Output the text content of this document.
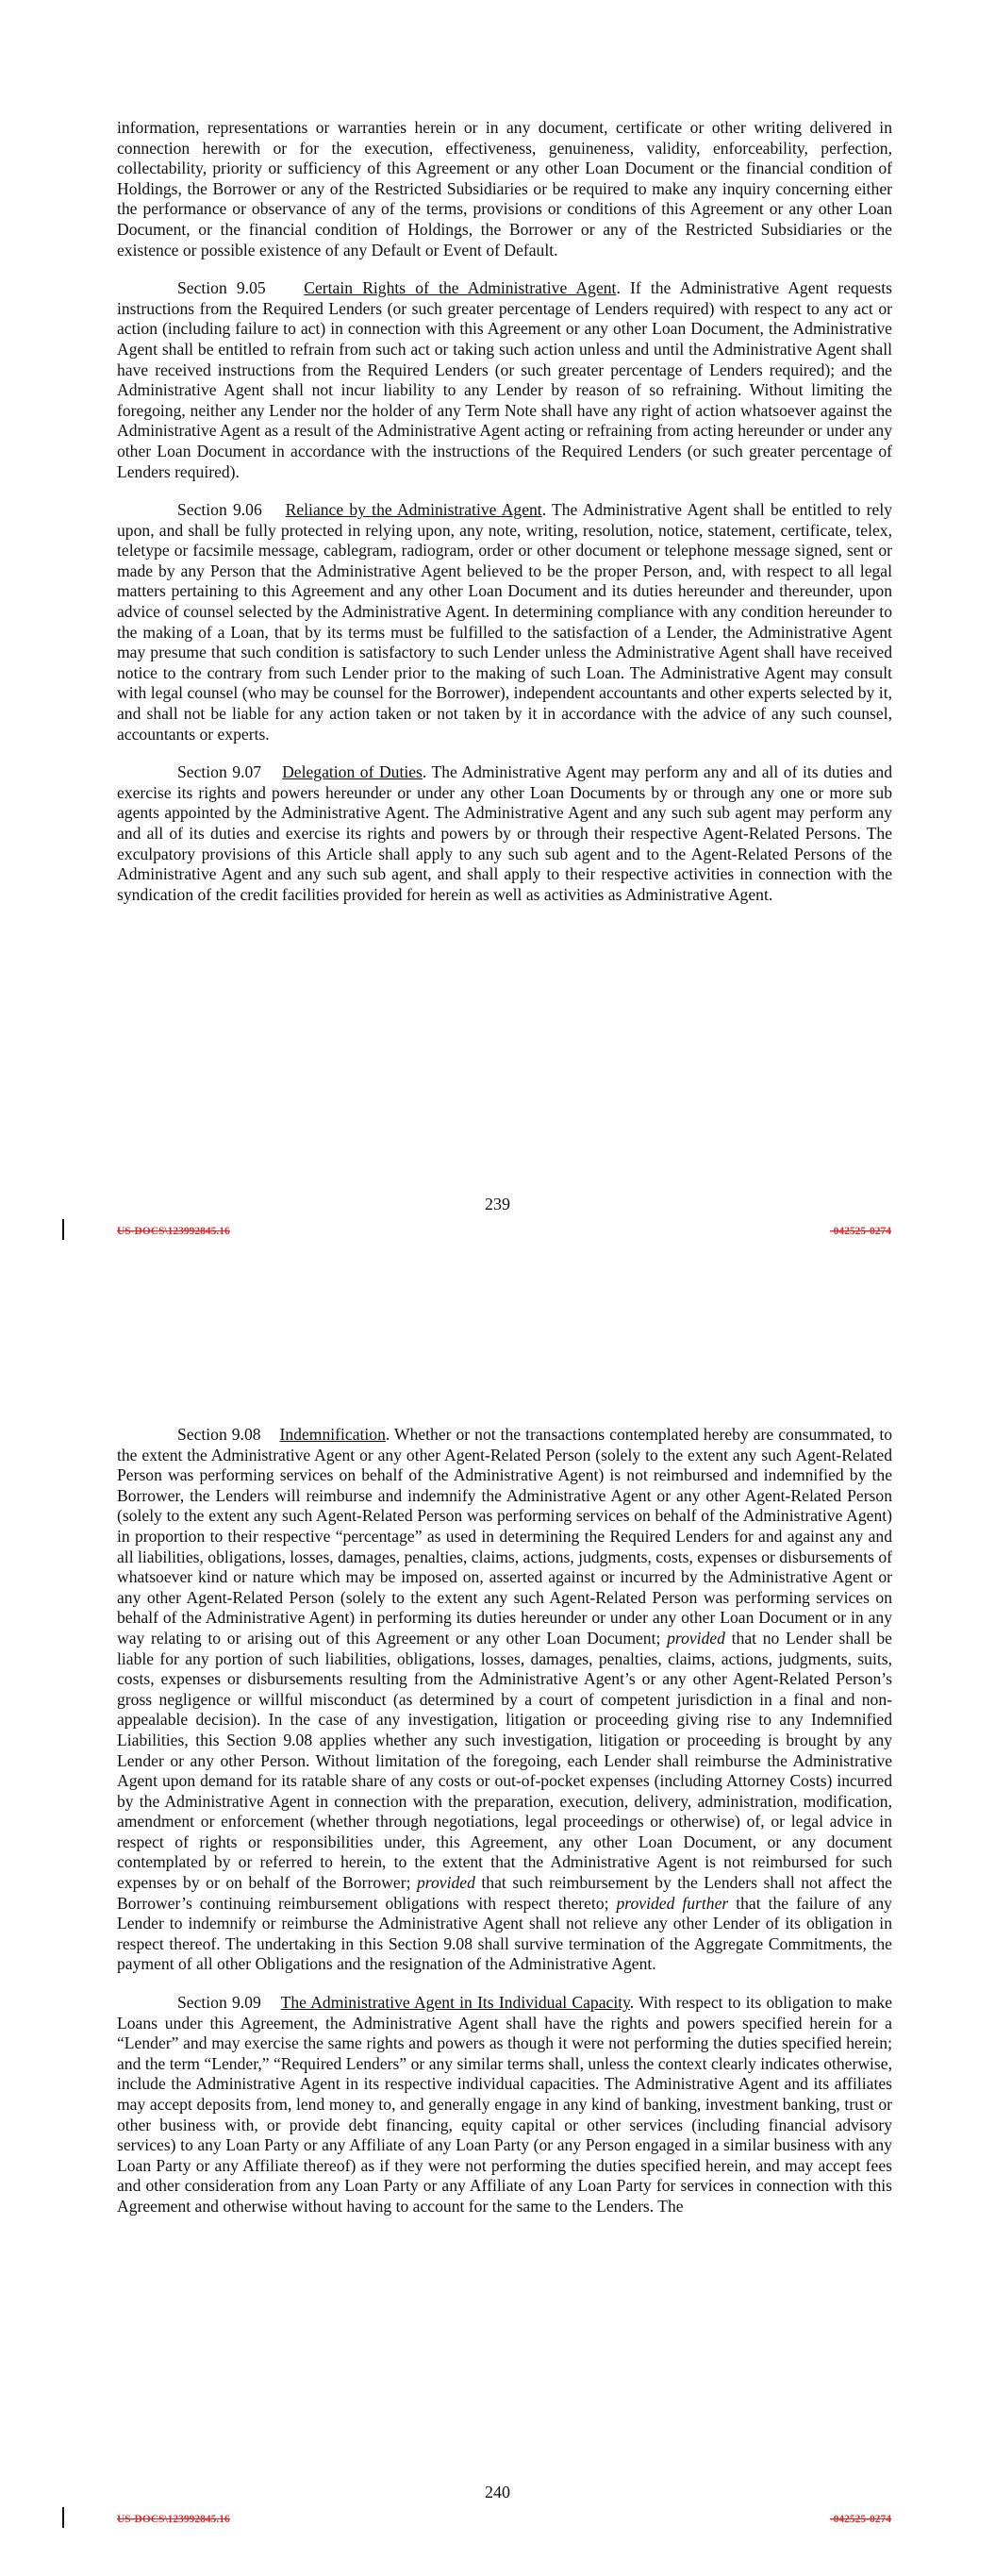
information, representations or warranties herein or in any document, certificate or other writing delivered in connection herewith or for the execution, effectiveness, genuineness, validity, enforceability, perfection, collectability, priority or sufficiency of this Agreement or any other Loan Document or the financial condition of Holdings, the Borrower or any of the Restricted Subsidiaries or be required to make any inquiry concerning either the performance or observance of any of the terms, provisions or conditions of this Agreement or any other Loan Document, or the financial condition of Holdings, the Borrower or any of the Restricted Subsidiaries or the existence or possible existence of any Default or Event of Default.

Section 9.05 Certain Rights of the Administrative Agent. If the Administrative Agent requests instructions from the Required Lenders (or such greater percentage of Lenders required) with respect to any act or action (including failure to act) in connection with this Agreement or any other Loan Document, the Administrative Agent shall be entitled to refrain from such act or taking such action unless and until the Administrative Agent shall have received instructions from the Required Lenders (or such greater percentage of Lenders required); and the Administrative Agent shall not incur liability to any Lender by reason of so refraining. Without limiting the foregoing, neither any Lender nor the holder of any Term Note shall have any right of action whatsoever against the Administrative Agent as a result of the Administrative Agent acting or refraining from acting hereunder or under any other Loan Document in accordance with the instructions of the Required Lenders (or such greater percentage of Lenders required).

Section 9.06 Reliance by the Administrative Agent. The Administrative Agent shall be entitled to rely upon, and shall be fully protected in relying upon, any note, writing, resolution, notice, statement, certificate, telex, teletype or facsimile message, cablegram, radiogram, order or other document or telephone message signed, sent or made by any Person that the Administrative Agent believed to be the proper Person, and, with respect to all legal matters pertaining to this Agreement and any other Loan Document and its duties hereunder and thereunder, upon advice of counsel selected by the Administrative Agent. In determining compliance with any condition hereunder to the making of a Loan, that by its terms must be fulfilled to the satisfaction of a Lender, the Administrative Agent may presume that such condition is satisfactory to such Lender unless the Administrative Agent shall have received notice to the contrary from such Lender prior to the making of such Loan. The Administrative Agent may consult with legal counsel (who may be counsel for the Borrower), independent accountants and other experts selected by it, and shall not be liable for any action taken or not taken by it in accordance with the advice of any such counsel, accountants or experts.

Section 9.07 Delegation of Duties. The Administrative Agent may perform any and all of its duties and exercise its rights and powers hereunder or under any other Loan Documents by or through any one or more sub agents appointed by the Administrative Agent. The Administrative Agent and any such sub agent may perform any and all of its duties and exercise its rights and powers by or through their respective Agent-Related Persons. The exculpatory provisions of this Article shall apply to any such sub agent and to the Agent-Related Persons of the Administrative Agent and any such sub agent, and shall apply to their respective activities in connection with the syndication of the credit facilities provided for herein as well as activities as Administrative Agent.

239
US-DOCS\123992845.16	-042525-0274

Section 9.08 Indemnification. Whether or not the transactions contemplated hereby are consummated, to the extent the Administrative Agent or any other Agent-Related Person (solely to the extent any such Agent-Related Person was performing services on behalf of the Administrative Agent) is not reimbursed and indemnified by the Borrower, the Lenders will reimburse and indemnify the Administrative Agent or any other Agent-Related Person (solely to the extent any such Agent-Related Person was performing services on behalf of the Administrative Agent) in proportion to their respective “percentage” as used in determining the Required Lenders for and against any and all liabilities, obligations, losses, damages, penalties, claims, actions, judgments, costs, expenses or disbursements of whatsoever kind or nature which may be imposed on, asserted against or incurred by the Administrative Agent or any other Agent-Related Person (solely to the extent any such Agent-Related Person was performing services on behalf of the Administrative Agent) in performing its duties hereunder or under any other Loan Document or in any way relating to or arising out of this Agreement or any other Loan Document; provided that no Lender shall be liable for any portion of such liabilities, obligations, losses, damages, penalties, claims, actions, judgments, suits, costs, expenses or disbursements resulting from the Administrative Agent’s or any other Agent-Related Person’s gross negligence or willful misconduct (as determined by a court of competent jurisdiction in a final and non-appealable decision). In the case of any investigation, litigation or proceeding giving rise to any Indemnified Liabilities, this Section 9.08 applies whether any such investigation, litigation or proceeding is brought by any Lender or any other Person. Without limitation of the foregoing, each Lender shall reimburse the Administrative Agent upon demand for its ratable share of any costs or out-of-pocket expenses (including Attorney Costs) incurred by the Administrative Agent in connection with the preparation, execution, delivery, administration, modification, amendment or enforcement (whether through negotiations, legal proceedings or otherwise) of, or legal advice in respect of rights or responsibilities under, this Agreement, any other Loan Document, or any document contemplated by or referred to herein, to the extent that the Administrative Agent is not reimbursed for such expenses by or on behalf of the Borrower; provided that such reimbursement by the Lenders shall not affect the Borrower’s continuing reimbursement obligations with respect thereto; provided further that the failure of any Lender to indemnify or reimburse the Administrative Agent shall not relieve any other Lender of its obligation in respect thereof. The undertaking in this Section 9.08 shall survive termination of the Aggregate Commitments, the payment of all other Obligations and the resignation of the Administrative Agent.

Section 9.09 The Administrative Agent in Its Individual Capacity. With respect to its obligation to make Loans under this Agreement, the Administrative Agent shall have the rights and powers specified herein for a “Lender” and may exercise the same rights and powers as though it were not performing the duties specified herein; and the term “Lender,” “Required Lenders” or any similar terms shall, unless the context clearly indicates otherwise, include the Administrative Agent in its respective individual capacities. The Administrative Agent and its affiliates may accept deposits from, lend money to, and generally engage in any kind of banking, investment banking, trust or other business with, or provide debt financing, equity capital or other services (including financial advisory services) to any Loan Party or any Affiliate of any Loan Party (or any Person engaged in a similar business with any Loan Party or any Affiliate thereof) as if they were not performing the duties specified herein, and may accept fees and other consideration from any Loan Party or any Affiliate of any Loan Party for services in connection with this Agreement and otherwise without having to account for the same to the Lenders. The

240
US-DOCS\123992845.16	-042525-0274
